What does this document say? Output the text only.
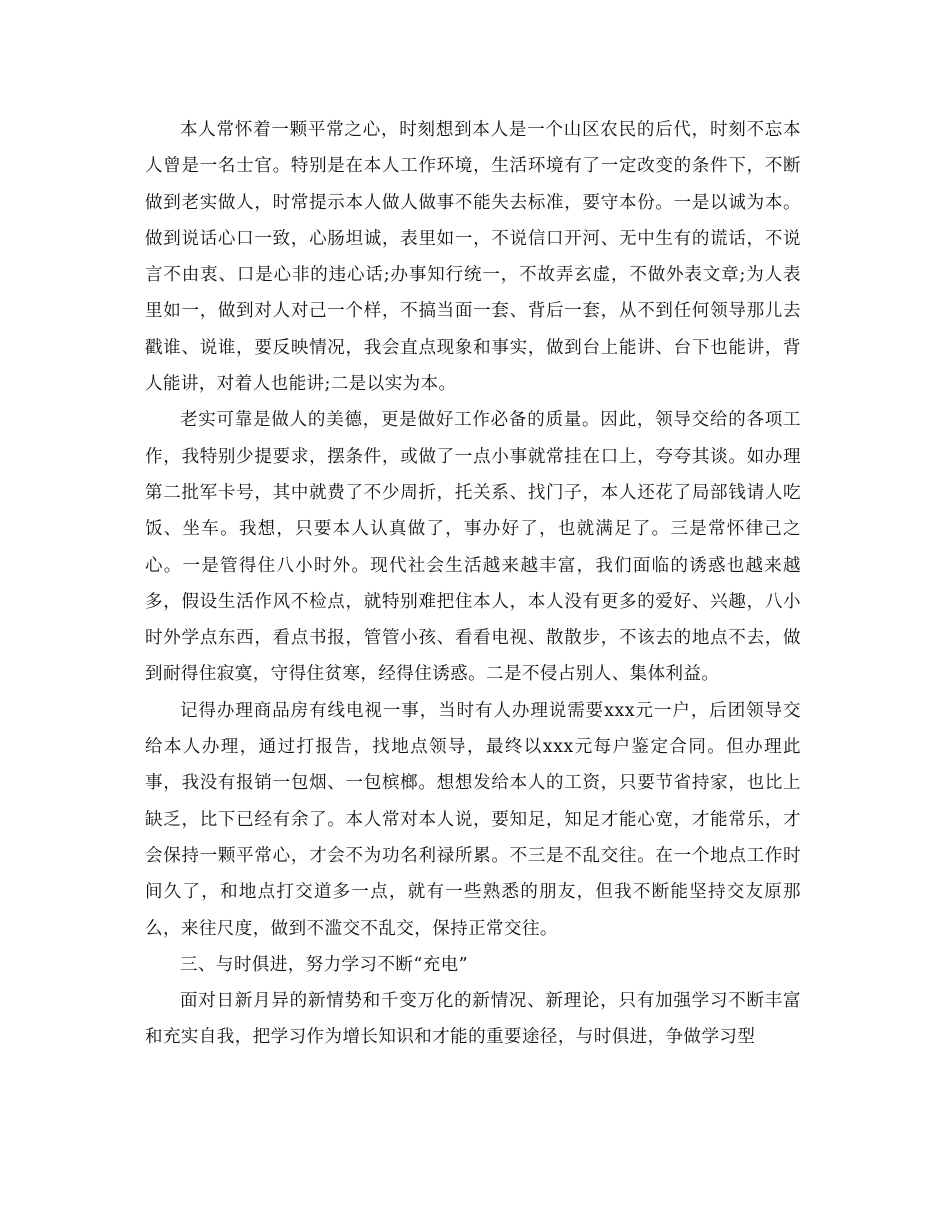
本人常怀着一颗平常之心，时刻想到本人是一个山区农民的后代，时刻不忘本人曾是一名士官。特别是在本人工作环境，生活环境有了一定改变的条件下，不断做到老实做人，时常提示本人做人做事不能失去标准，要守本份。一是以诚为本。做到说话心口一致，心肠坦诚，表里如一，不说信口开河、无中生有的谎话，不说言不由衷、口是心非的违心话;办事知行统一，不故弄玄虚，不做外表文章;为人表里如一，做到对人对己一个样，不搞当面一套、背后一套，从不到任何领导那儿去戳谁、说谁，要反映情况，我会直点现象和事实，做到台上能讲、台下也能讲，背人能讲，对着人也能讲;二是以实为本。

老实可靠是做人的美德，更是做好工作必备的质量。因此，领导交给的各项工作，我特别少提要求，摆条件，或做了一点小事就常挂在口上，夸夸其谈。如办理第二批军卡号，其中就费了不少周折，托关系、找门子，本人还花了局部钱请人吃饭、坐车。我想，只要本人认真做了，事办好了，也就满足了。三是常怀律己之心。一是管得住八小时外。现代社会生活越来越丰富，我们面临的诱惑也越来越多，假设生活作风不检点，就特别难把住本人，本人没有更多的爱好、兴趣，八小时外学点东西，看点书报，管管小孩、看看电视、散散步，不该去的地点不去，做到耐得住寂寞，守得住贫寒，经得住诱惑。二是不侵占别人、集体利益。

记得办理商品房有线电视一事，当时有人办理说需要xxx元一户，后团领导交给本人办理，通过打报告，找地点领导，最终以xxx元每户鉴定合同。但办理此事，我没有报销一包烟、一包槟榔。想想发给本人的工资，只要节省持家，也比上缺乏，比下已经有余了。本人常对本人说，要知足，知足才能心宽，才能常乐，才会保持一颗平常心，才会不为功名利禄所累。不三是不乱交往。在一个地点工作时间久了，和地点打交道多一点，就有一些熟悉的朋友，但我不断能坚持交友原那么，来往尺度，做到不滥交不乱交，保持正常交往。

三、与时俱进，努力学习不断“充电”

面对日新月异的新情势和千变万化的新情况、新理论，只有加强学习不断丰富和充实自我，把学习作为增长知识和才能的重要途径，与时俱进，争做学习型
